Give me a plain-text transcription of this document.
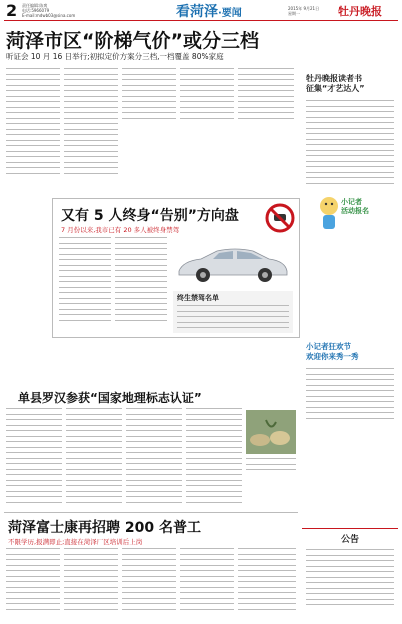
2 责任编辑:陈爽
电话:5966079
E-mail:mdwb03@sina.com	看菏泽·要闻	2015年 9月21日
星期一	牡丹晚报
菏泽市区“阶梯气价”或分三档
听证会 10 月 16 日举行;初拟定价方案分三档,一档覆盖 80%家庭
牡丹晚报读者书
征集“才艺达人”
小记者
活动报名
又有 5 人终身“告别”方向盘
7 月份以来,我市已有 20 多人被终身禁驾
终生禁驾名单
小记者狂欢节
欢迎你来秀一秀
单县罗汉参获“国家地理标志认证”
公告
菏泽富士康再招聘 200 名普工
不限学历,报满即止;直接在菏泽厂区培训后上岗
